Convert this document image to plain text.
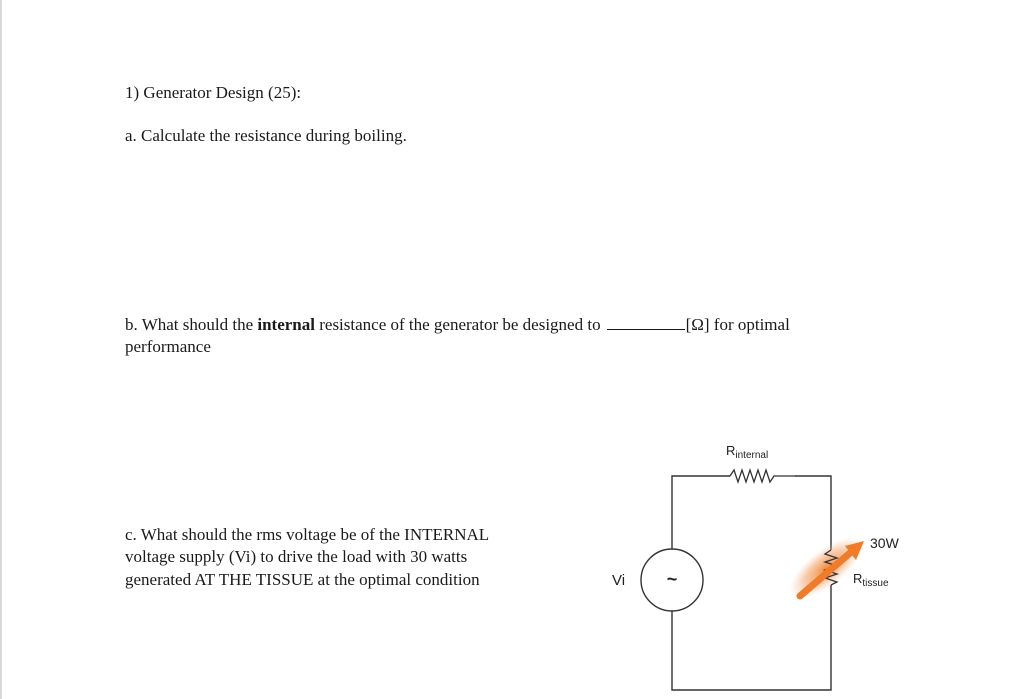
1) Generator Design (25):
a. Calculate the resistance during boiling.
b. What should the internal resistance of the generator be designed to	[Ω] for optimal
performance
c. What should the rms voltage be of the INTERNAL
voltage supply (Vi) to drive the load with 30 watts
generated AT THE TISSUE at the optimal condition
$R_{internal}$
~
Vi
30W
$R_{tissue}$
